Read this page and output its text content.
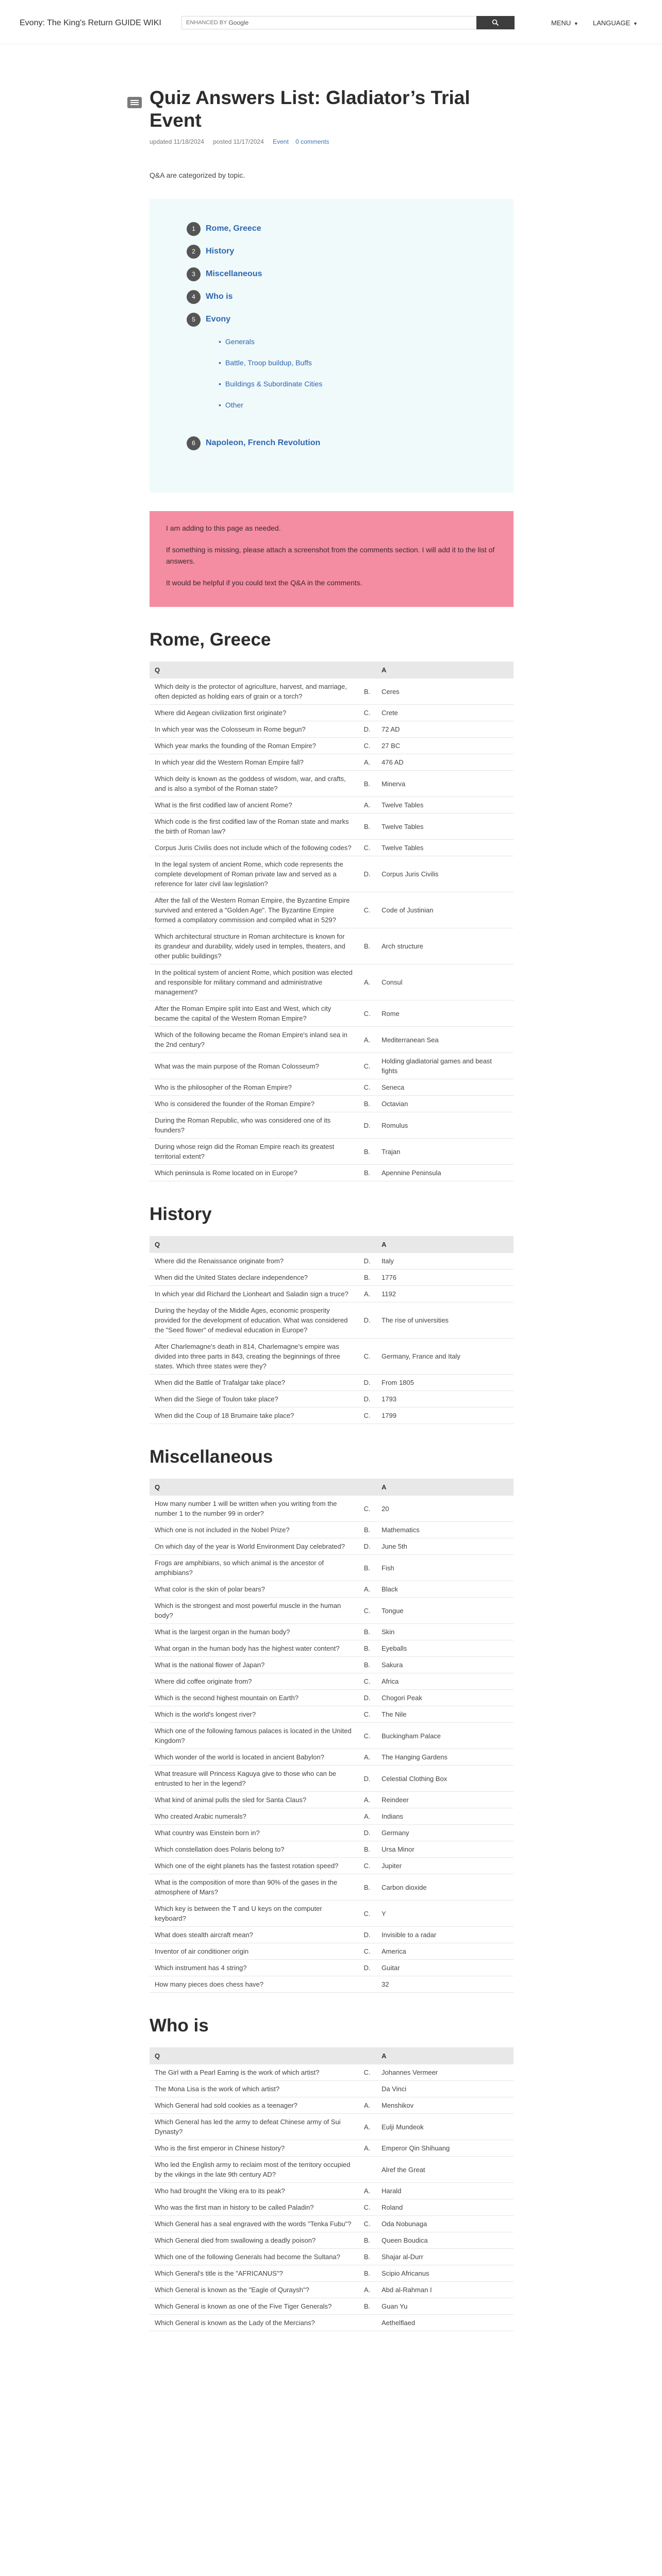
Evony: The King's Return GUIDE WIKI	ENHANCED BY Google	MENU ▼ LANGUAGE ▼
Quiz Answers List: Gladiator’s Trial Event
updated 11/18/2024 posted 11/17/2024 Event 0 comments

Q&A are categorized by topic.

1	Rome, Greece
2	History
3	Miscellaneous
4	Who is
5	Evony
• Generals
• Battle, Troop buildup, Buffs
• Buildings & Subordinate Cities
• Other
6	Napoleon, French Revolution

I am adding to this page as needed.

If something is missing, please attach a screenshot from the comments section. I will add it to the list of answers.

It would be helpful if you could text the Q&A in the comments.

Rome, Greece
Q		A
Which deity is the protector of agriculture, harvest, and marriage, often depicted as holding ears of grain or a torch?	B.	Ceres
Where did Aegean civilization first originate?	C.	Crete
In which year was the Colosseum in Rome begun?	D.	72 AD
Which year marks the founding of the Roman Empire?	C.	27 BC
In which year did the Western Roman Empire fall?	A.	476 AD
Which deity is known as the goddess of wisdom, war, and crafts, and is also a symbol of the Roman state?	B.	Minerva
What is the first codified law of ancient Rome?	A.	Twelve Tables
Which code is the first codified law of the Roman state and marks the birth of Roman law?	B.	Twelve Tables
Corpus Juris Civilis does not include which of the following codes?	C.	Twelve Tables
In the legal system of ancient Rome, which code represents the complete development of Roman private law and served as a reference for later civil law legislation?	D.	Corpus Juris Civilis
After the fall of the Western Roman Empire, the Byzantine Empire survived and entered a "Golden Age". The Byzantine Empire formed a compilatory commission and compiled what in 529?	C.	Code of Justinian
Which architectural structure in Roman architecture is known for its grandeur and durability, widely used in temples, theaters, and other public buildings?	B.	Arch structure
In the political system of ancient Rome, which position was elected and responsible for military command and administrative management?	A.	Consul
After the Roman Empire split into East and West, which city became the capital of the Western Roman Empire?	C.	Rome
Which of the following became the Roman Empire's inland sea in the 2nd century?	A.	Mediterranean Sea
What was the main purpose of the Roman Colosseum?	C.	Holding gladiatorial games and beast fights
Who is the philosopher of the Roman Empire?	C.	Seneca
Who is considered the founder of the Roman Empire?	B.	Octavian
During the Roman Republic, who was considered one of its founders?	D.	Romulus
During whose reign did the Roman Empire reach its greatest territorial extent?	B.	Trajan
Which peninsula is Rome located on in Europe?	B.	Apennine Peninsula
History
Q		A
Where did the Renaissance originate from?	D.	Italy
When did the United States declare independence?	B.	1776
In which year did Richard the Lionheart and Saladin sign a truce?	A.	1192
During the heyday of the Middle Ages, economic prosperity provided for the development of education. What was considered the "Seed flower" of medieval education in Europe?	D.	The rise of universities
After Charlemagne's death in 814, Charlemagne's empire was divided into three parts in 843, creating the beginnings of three states. Which three states were they?	C.	Germany, France and Italy
When did the Battle of Trafalgar take place?	D.	From 1805
When did the Siege of Toulon take place?	D.	1793
When did the Coup of 18 Brumaire take place?	C.	1799
Miscellaneous
Q		A
How many number 1 will be written when you writing from the number 1 to the number 99 in order?	C.	20
Which one is not included in the Nobel Prize?	B.	Mathematics
On which day of the year is World Environment Day celebrated?	D.	June 5th
Frogs are amphibians, so which animal is the ancestor of amphibians?	B.	Fish
What color is the skin of polar bears?	A.	Black
Which is the strongest and most powerful muscle in the human body?	C.	Tongue
What is the largest organ in the human body?	B.	Skin
What organ in the human body has the highest water content?	B.	Eyeballs
What is the national flower of Japan?	B.	Sakura
Where did coffee originate from?	C.	Africa
Which is the second highest mountain on Earth?	D.	Chogori Peak
Which is the world's longest river?	C.	The Nile
Which one of the following famous palaces is located in the United Kingdom?	C.	Buckingham Palace
Which wonder of the world is located in ancient Babylon?	A.	The Hanging Gardens
What treasure will Princess Kaguya give to those who can be entrusted to her in the legend?	D.	Celestial Clothing Box
What kind of animal pulls the sled for Santa Claus?	A.	Reindeer
Who created Arabic numerals?	A.	Indians
What country was Einstein born in?	D.	Germany
Which constellation does Polaris belong to?	B.	Ursa Minor
Which one of the eight planets has the fastest rotation speed?	C.	Jupiter
What is the composition of more than 90% of the gases in the atmosphere of Mars?	B.	Carbon dioxide
Which key is between the T and U keys on the computer keyboard?	C.	Y
What does stealth aircraft mean?	D.	Invisible to a radar
Inventor of air conditioner origin	C.	America
Which instrument has 4 string?	D.	Guitar
How many pieces does chess have?		32
Who is
Q		A
The Girl with a Pearl Earring is the work of which artist?	C.	Johannes Vermeer
The Mona Lisa is the work of which artist?		Da Vinci
Which General had sold cookies as a teenager?	A.	Menshikov
Which General has led the army to defeat Chinese army of Sui Dynasty?	A.	Eulji Mundeok
Who is the first emperor in Chinese history?	A.	Emperor Qin Shihuang
Who led the English army to reclaim most of the territory occupied by the vikings in the late 9th century AD?		Alref the Great
Who had brought the Viking era to its peak?	A.	Harald
Who was the first man in history to be called Paladin?	C.	Roland
Which General has a seal engraved with the words "Tenka Fubu"?	C.	Oda Nobunaga
Which General died from swallowing a deadly poison?	B.	Queen Boudica
Which one of the following Generals had become the Sultana?	B.	Shajar al-Durr
Which General's title is the "AFRICANUS"?	B.	Scipio Africanus
Which General is known as the "Eagle of Quraysh"?	A.	Abd al-Rahman I
Which General is known as one of the Five Tiger Generals?	B.	Guan Yu
Which General is known as the Lady of the Mercians?		Aethelflaed
